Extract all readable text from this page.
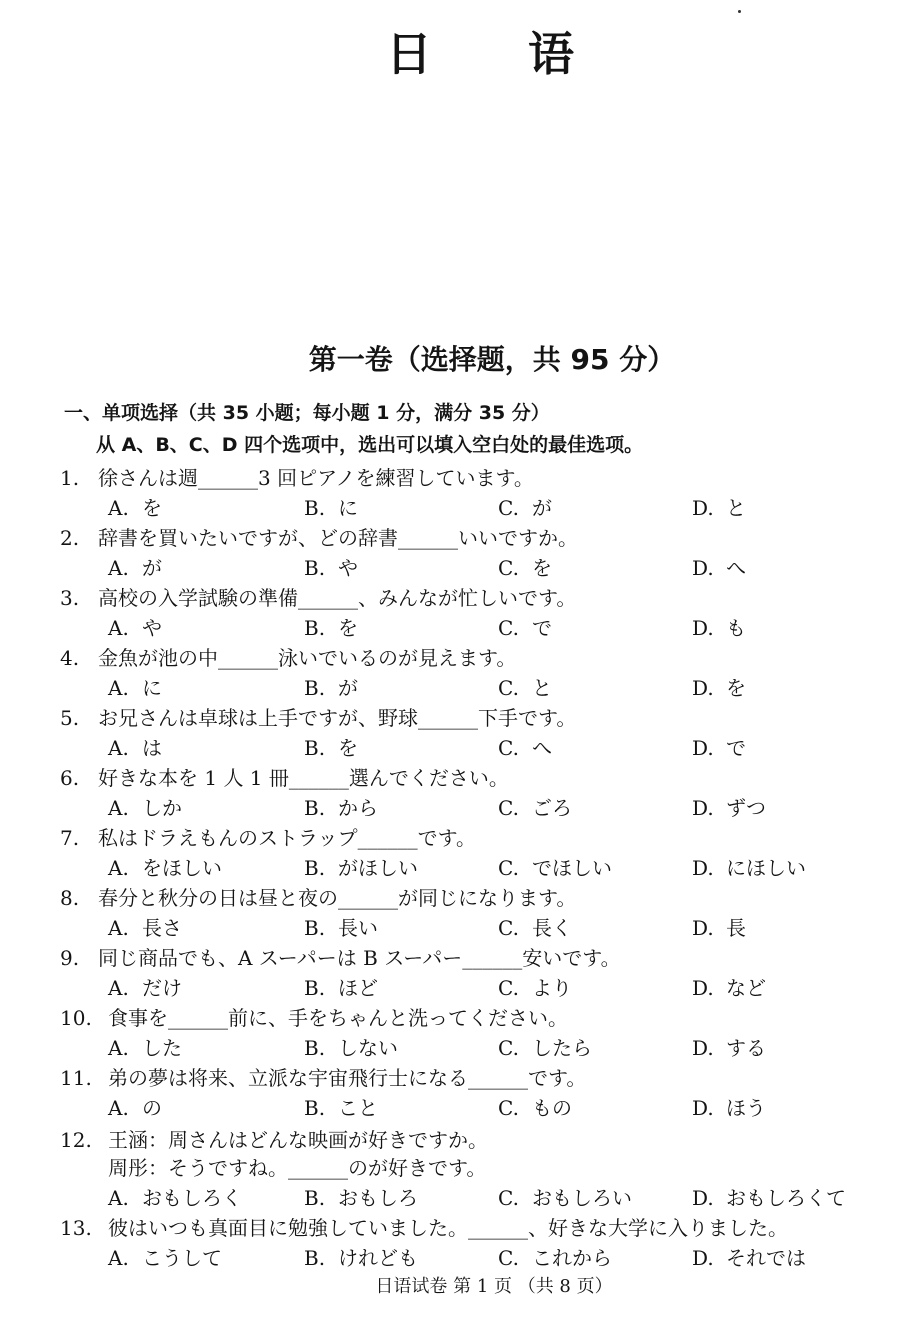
日 语
第一卷（选择题，共 95 分）
一、单项选择（共 35 小题；每小题 1 分，满分 35 分）
从 A、B、C、D 四个选项中，选出可以填入空白处的最佳选项。
1. 徐さんは週______3 回ピアノを練習しています。
A. を	B. に	C. が	D. と
2. 辞書を買いたいですが、どの辞書______いいですか。
A. が	B. や	C. を	D. へ
3. 高校の入学試験の準備______、みんなが忙しいです。
A. や	B. を	C. で	D. も
4. 金魚が池の中______泳いでいるのが見えます。
A. に	B. が	C. と	D. を
5. お兄さんは卓球は上手ですが、野球______下手です。
A. は	B. を	C. へ	D. で
6. 好きな本を 1 人 1 冊______選んでください。
A. しか	B. から	C. ごろ	D. ずつ
7. 私はドラえもんのストラップ______です。
A. をほしい	B. がほしい	C. でほしい	D. にほしい
8. 春分と秋分の日は昼と夜の______が同じになります。
A. 長さ	B. 長い	C. 長く	D. 長
9. 同じ商品でも、A スーパーは B スーパー______安いです。
A. だけ	B. ほど	C. より	D. など
10. 食事を______前に、手をちゃんと洗ってください。
A. した	B. しない	C. したら	D. する
11. 弟の夢は将来、立派な宇宙飛行士になる______です。
A. の	B. こと	C. もの	D. ほう
12. 王涵：周さんはどんな映画が好きですか。
周彤：そうですね。______のが好きです。
A. おもしろく	B. おもしろ	C. おもしろい	D. おもしろくて
13. 彼はいつも真面目に勉強していました。______、好きな大学に入りました。
A. こうして	B. けれども	C. これから	D. それでは
日语试卷 第 1 页 （共 8 页）
